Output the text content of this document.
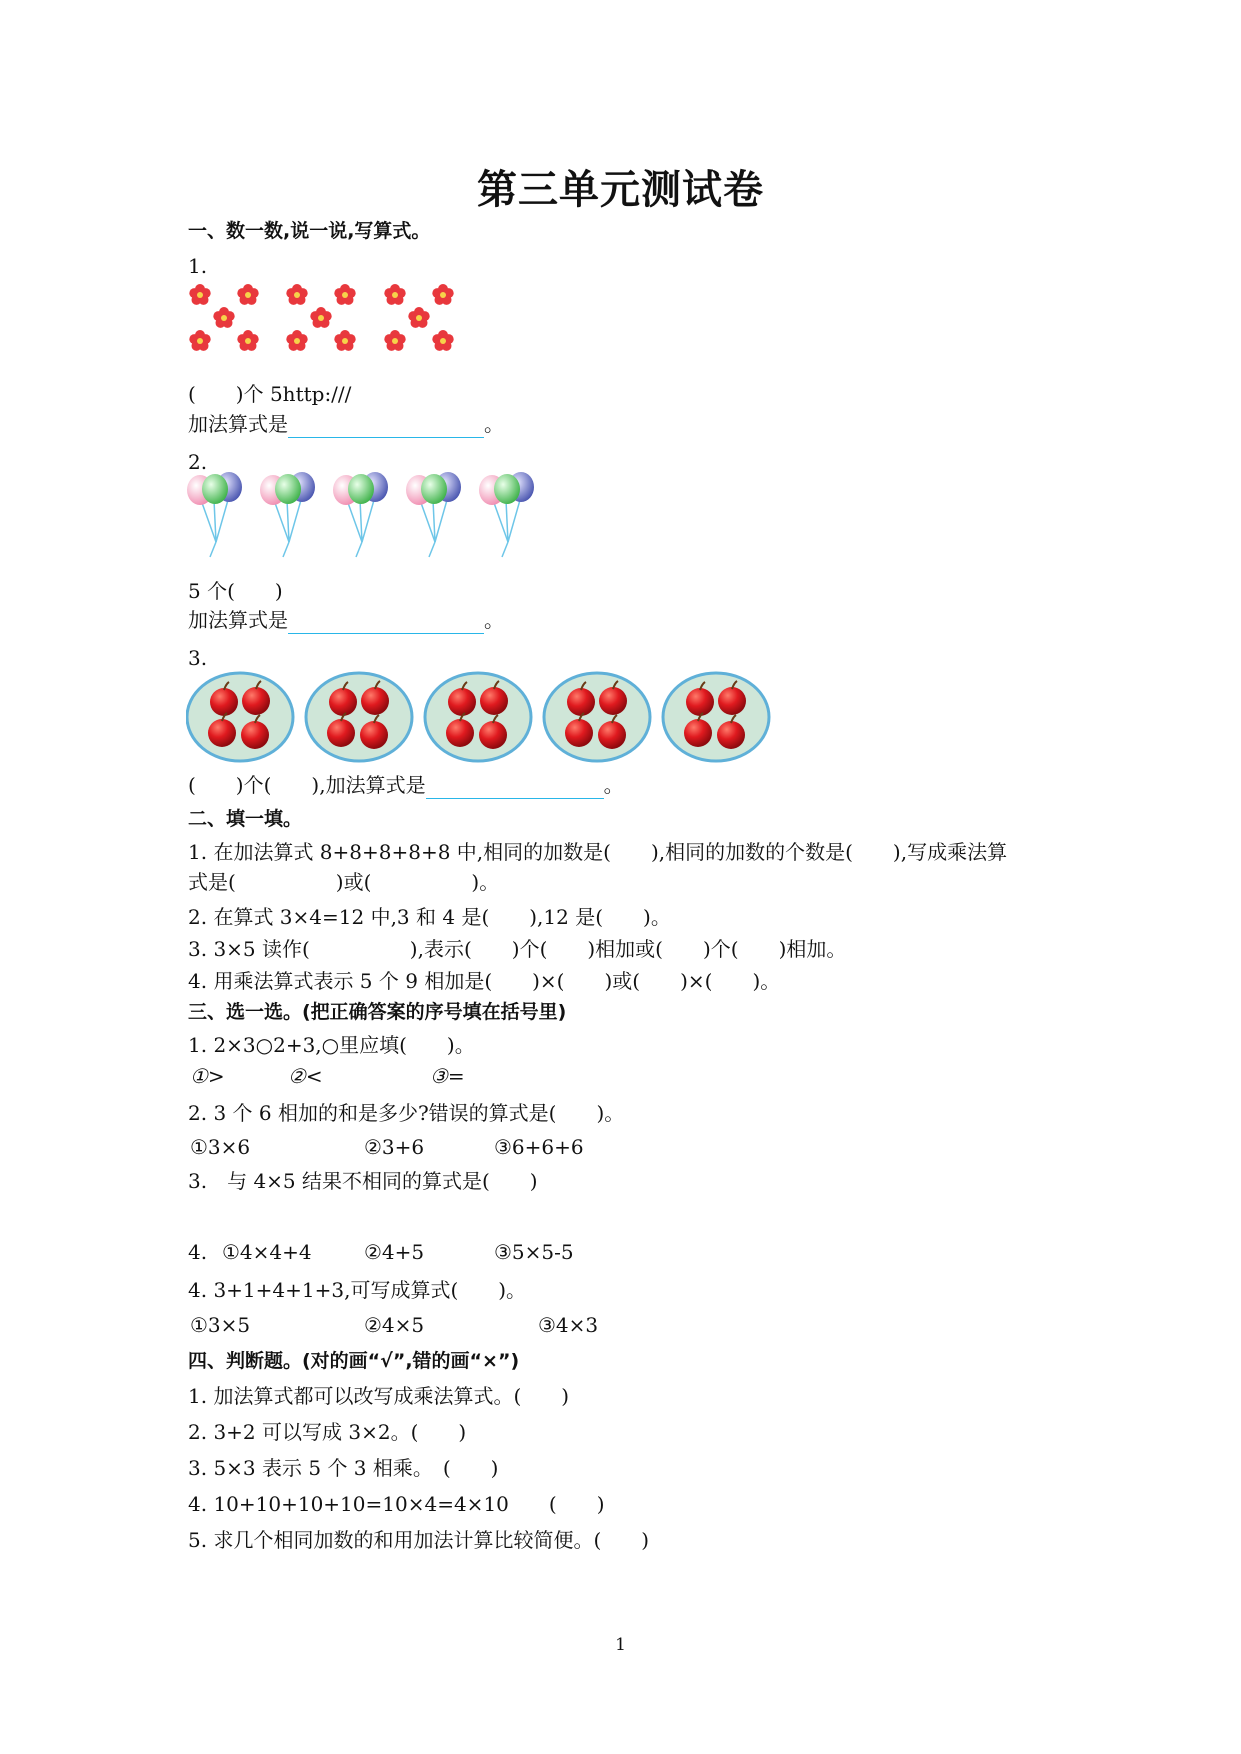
第三单元测试卷
一、数一数,说一说,写算式。
1.
(　　)个 5http:///
加法算式是	。
2.
5 个(　　)
加法算式是	。
3.
(　　)个(　　),加法算式是	。
二、填一填。
1. 在加法算式 8+8+8+8+8 中,相同的加数是(　　),相同的加数的个数是(　　),写成乘法算
式是(　　　　　)或(　　　　　)。
2. 在算式 3×4=12 中,3 和 4 是(　　),12 是(　　)。
3. 3×5 读作(　　　　　),表示(　　)个(　　)相加或(　　)个(　　)相加。
4. 用乘法算式表示 5 个 9 相加是(　　)×(　　)或(　　)×(　　)。
三、选一选。(把正确答案的序号填在括号里)
1. 2×3○2+3,○里应填(　　)。
①>	②<	③=
2. 3 个 6 相加的和是多少?错误的算式是(　　)。
①3×6	②3+6	③6+6+6
3.　与 4×5 结果不相同的算式是(　　)
4. ①4×4+4	②4+5	③5×5-5
4. 3+1+4+1+3,可写成算式(　　)。
①3×5	②4×5	③4×3
四、判断题。(对的画“√”,错的画“×”)
1. 加法算式都可以改写成乘法算式。(　　)
2. 3+2 可以写成 3×2。(　　)
3. 5×3 表示 5 个 3 相乘。　(　　)
4. 10+10+10+10=10×4=4×10　　(　　)
5. 求几个相同加数的和用加法计算比较简便。(　　)
1
